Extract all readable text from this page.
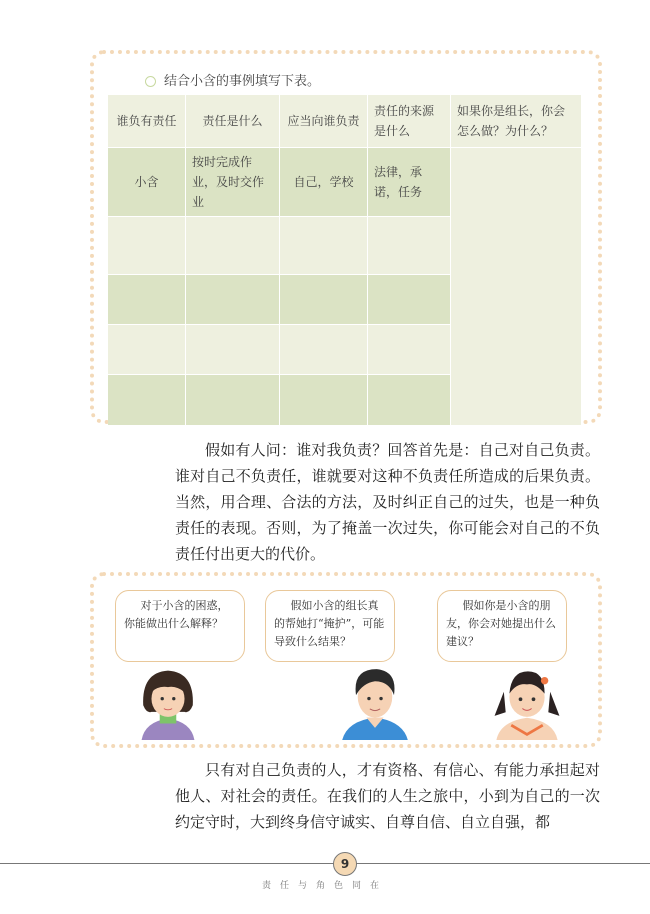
结合小含的事例填写下表。
谁负有责任	责任是什么	应当向谁负责	责任的来源是什么	如果你是组长，你会怎么做？为什么？
小含	按时完成作业，及时交作业	自己，学校	法律，承诺，任务	

假如有人问：谁对我负责？回答首先是：自己对自己负责。谁对自己不负责任，谁就要对这种不负责任所造成的后果负责。当然，用合理、合法的方法，及时纠正自己的过失，也是一种负责任的表现。否则，为了掩盖一次过失，你可能会对自己的不负责任付出更大的代价。

对于小含的困惑，你能做出什么解释？
假如小含的组长真的帮她打“掩护”，可能导致什么结果？
假如你是小含的朋友，你会对她提出什么建议？

只有对自己负责的人，才有资格、有信心、有能力承担起对他人、对社会的责任。在我们的人生之旅中，小到为自己的一次约定守时，大到终身信守诚实、自尊自信、自立自强，都

9
责任与角色同在
